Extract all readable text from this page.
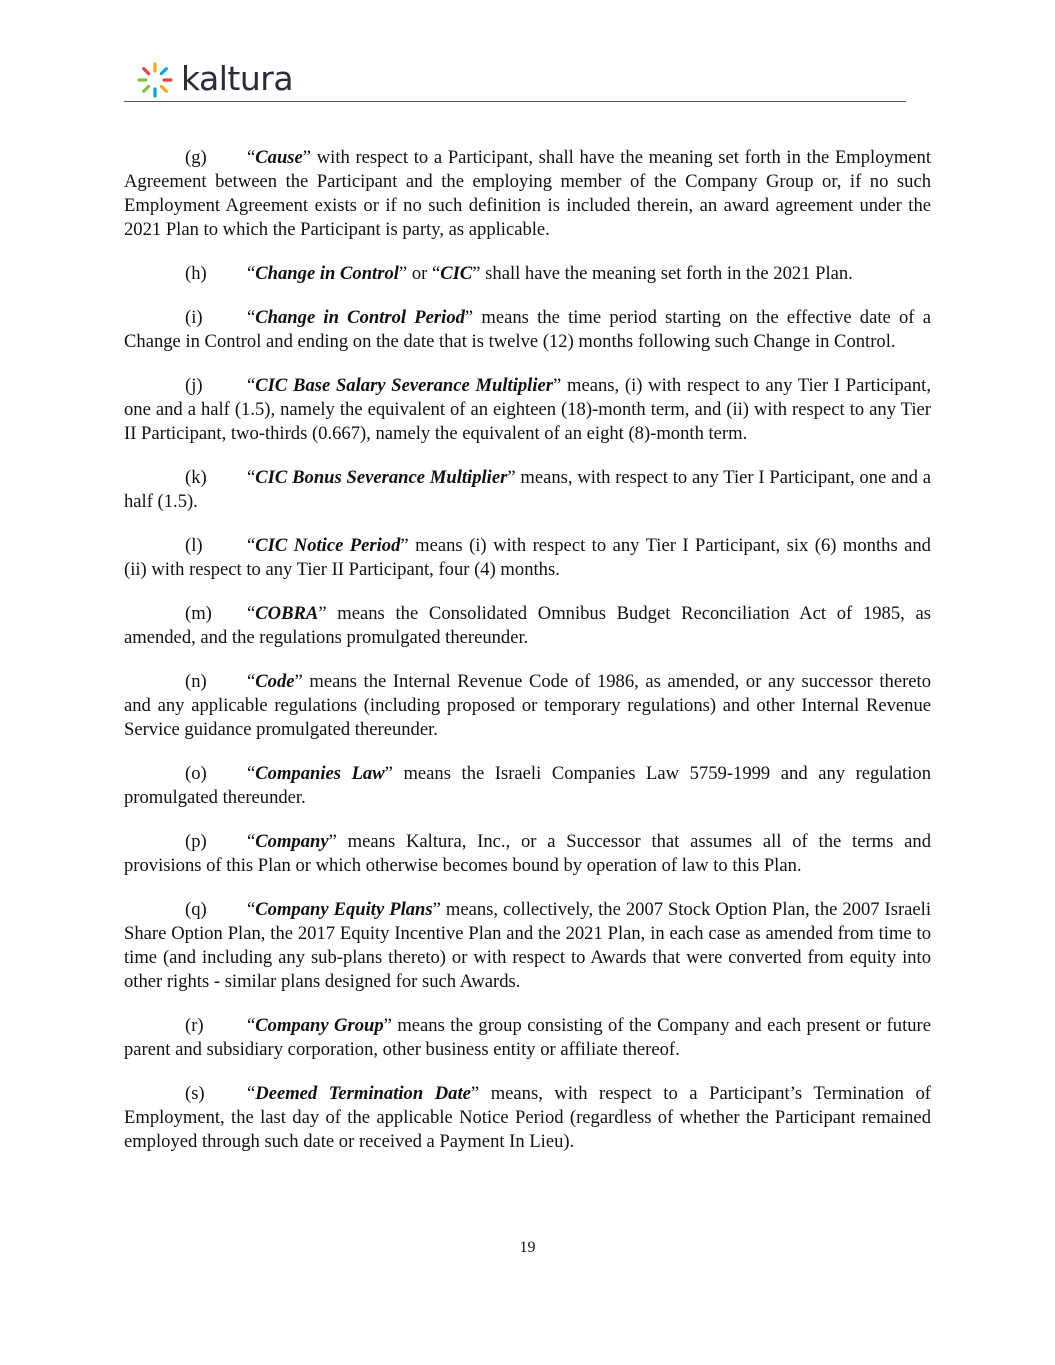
kaltura

(g) “Cause” with respect to a Participant, shall have the meaning set forth in the Employment Agreement between the Participant and the employing member of the Company Group or, if no such Employment Agreement exists or if no such definition is included therein, an award agreement under the 2021 Plan to which the Participant is party, as applicable.

(h) “Change in Control” or “CIC” shall have the meaning set forth in the 2021 Plan.

(i) “Change in Control Period” means the time period starting on the effective date of a Change in Control and ending on the date that is twelve (12) months following such Change in Control.

(j) “CIC Base Salary Severance Multiplier” means, (i) with respect to any Tier I Participant, one and a half (1.5), namely the equivalent of an eighteen (18)-month term, and (ii) with respect to any Tier II Participant, two-thirds (0.667), namely the equivalent of an eight (8)-month term.

(k) “CIC Bonus Severance Multiplier” means, with respect to any Tier I Participant, one and a half (1.5).

(l) “CIC Notice Period” means (i) with respect to any Tier I Participant, six (6) months and (ii) with respect to any Tier II Participant, four (4) months.

(m) “COBRA” means the Consolidated Omnibus Budget Reconciliation Act of 1985, as amended, and the regulations promulgated thereunder.

(n) “Code” means the Internal Revenue Code of 1986, as amended, or any successor thereto and any applicable regulations (including proposed or temporary regulations) and other Internal Revenue Service guidance promulgated thereunder.

(o) “Companies Law” means the Israeli Companies Law 5759-1999 and any regulation promulgated thereunder.

(p) “Company” means Kaltura, Inc., or a Successor that assumes all of the terms and provisions of this Plan or which otherwise becomes bound by operation of law to this Plan.

(q) “Company Equity Plans” means, collectively, the 2007 Stock Option Plan, the 2007 Israeli Share Option Plan, the 2017 Equity Incentive Plan and the 2021 Plan, in each case as amended from time to time (and including any sub-plans thereto) or with respect to Awards that were converted from equity into other rights - similar plans designed for such Awards.

(r) “Company Group” means the group consisting of the Company and each present or future parent and subsidiary corporation, other business entity or affiliate thereof.

(s) “Deemed Termination Date” means, with respect to a Participant’s Termination of Employment, the last day of the applicable Notice Period (regardless of whether the Participant remained employed through such date or received a Payment In Lieu).

19
